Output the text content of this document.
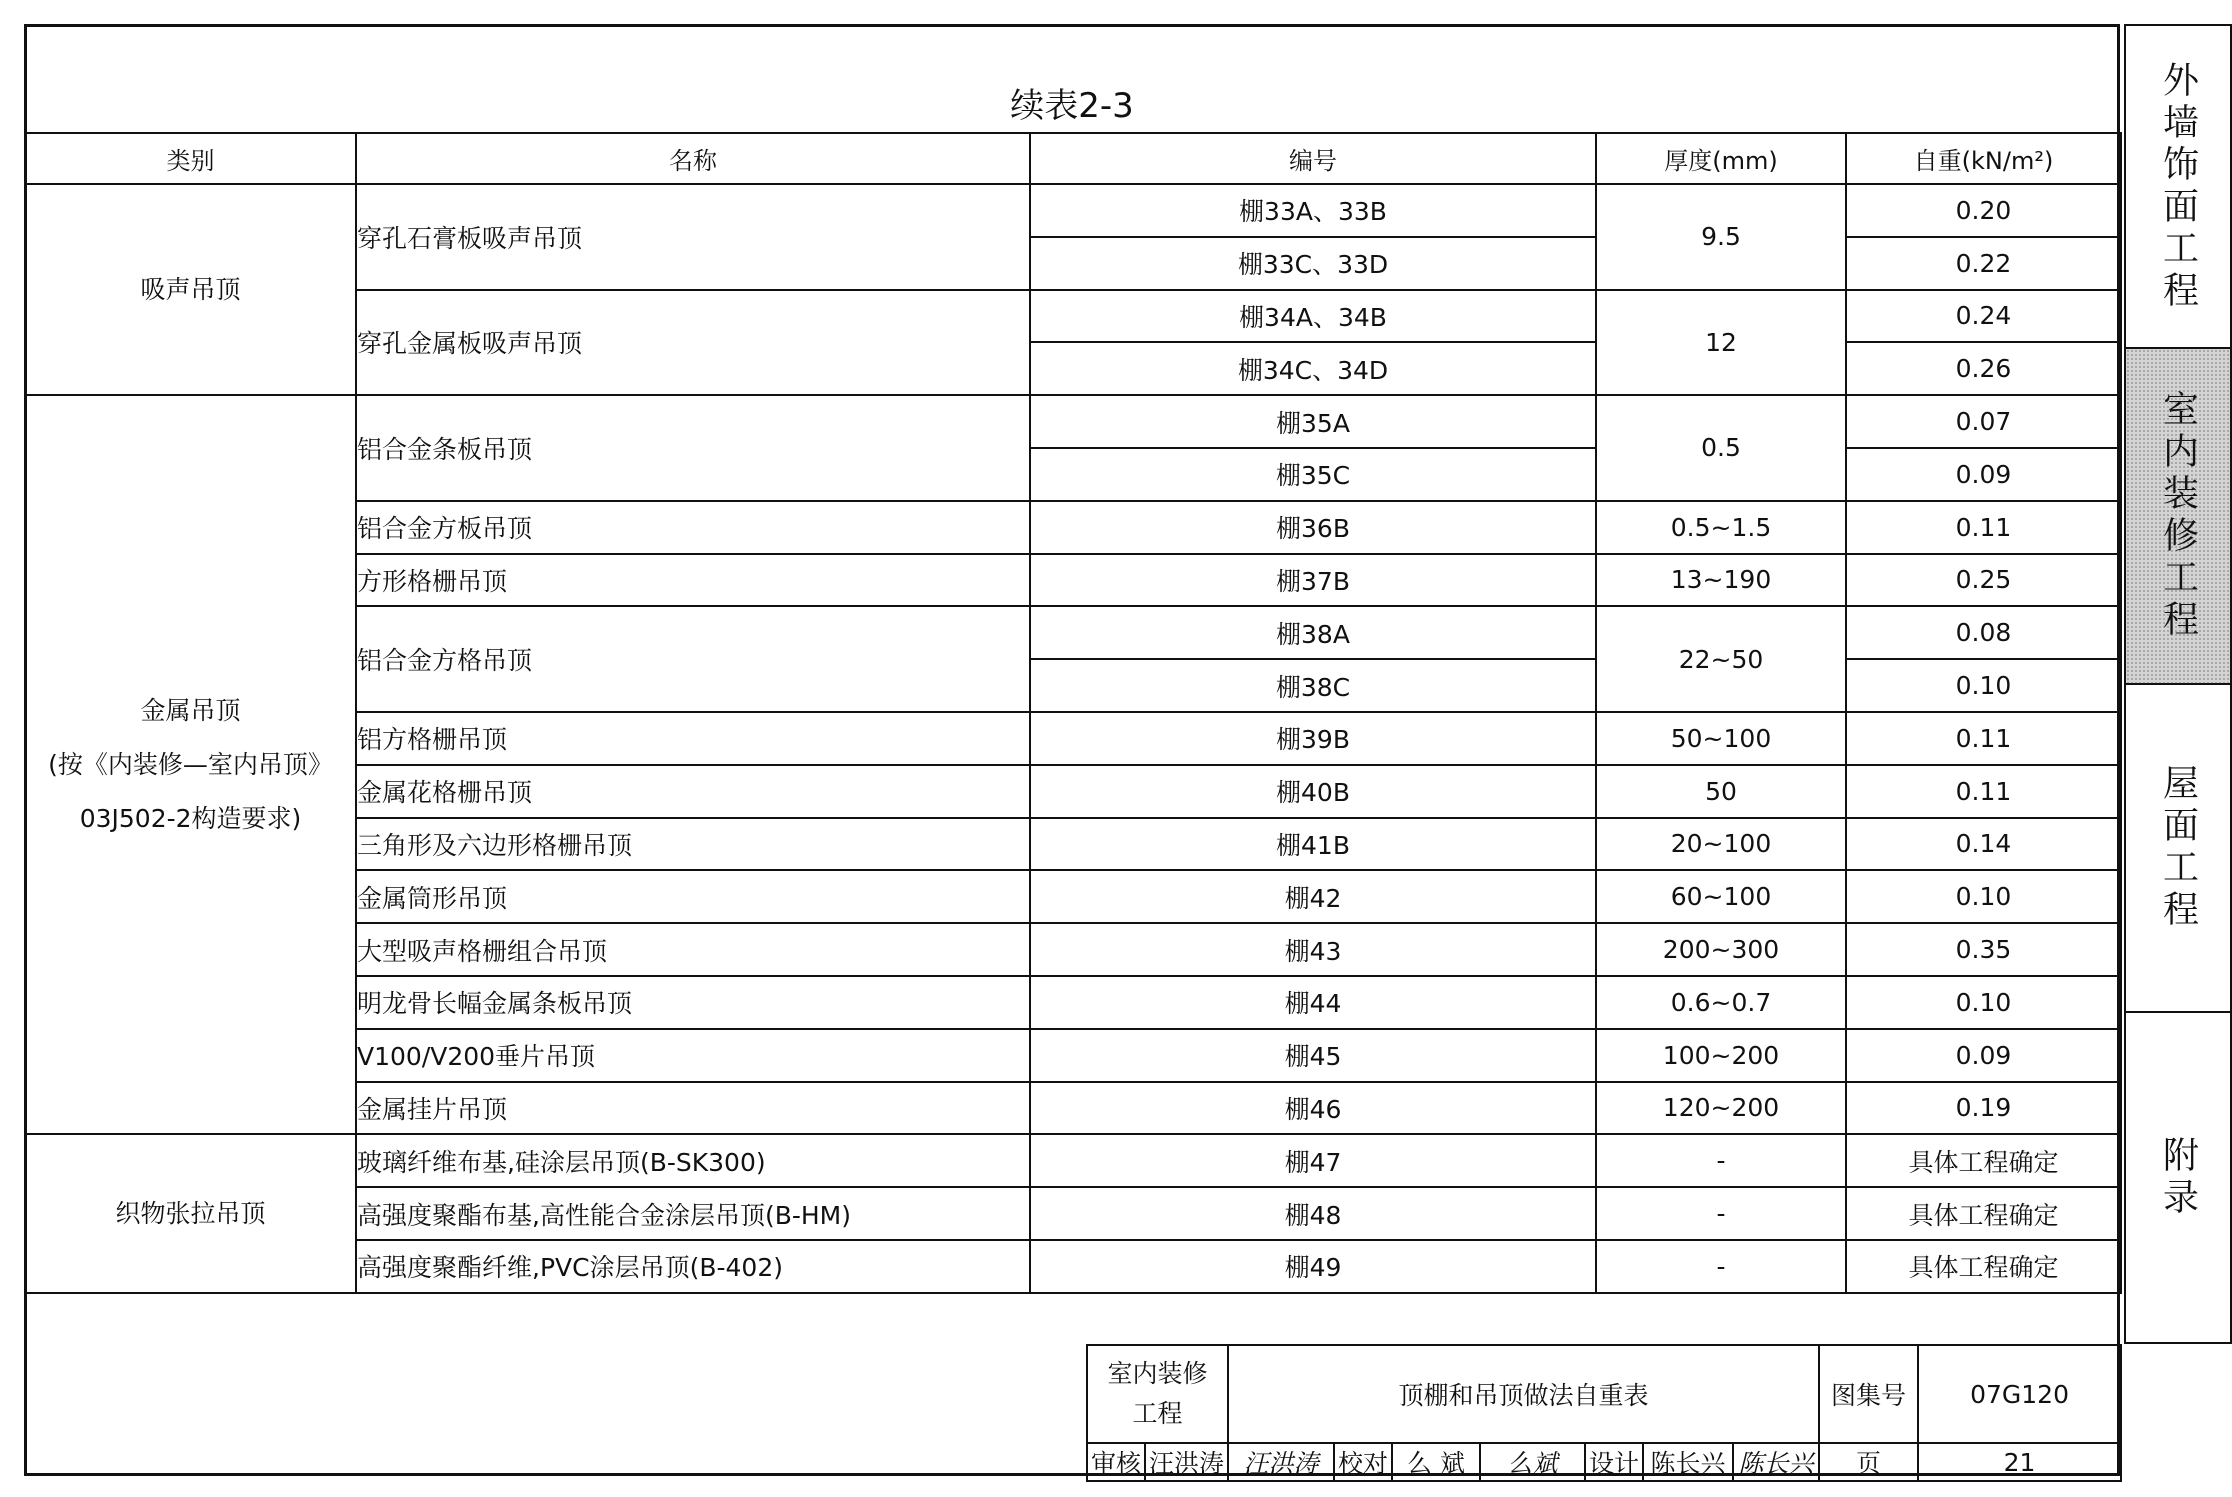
续表2-3
类别	名称	编号	厚度(mm)	自重(kN/m²)
吸声吊顶	穿孔石膏板吸声吊顶	棚33A、33B	9.5	0.20
		棚33C、33D		0.22
	穿孔金属板吸声吊顶	棚34A、34B	12	0.24
		棚34C、34D		0.26
金属吊顶
(按《内装修—室内吊顶》
03J502-2构造要求)	铝合金条板吊顶	棚35A	0.5	0.07
		棚35C		0.09
	铝合金方板吊顶	棚36B	0.5~1.5	0.11
	方形格栅吊顶	棚37B	13~190	0.25
	铝合金方格吊顶	棚38A	22~50	0.08
		棚38C		0.10
	铝方格栅吊顶	棚39B	50~100	0.11
	金属花格栅吊顶	棚40B	50	0.11
	三角形及六边形格栅吊顶	棚41B	20~100	0.14
	金属筒形吊顶	棚42	60~100	0.10
	大型吸声格栅组合吊顶	棚43	200~300	0.35
	明龙骨长幅金属条板吊顶	棚44	0.6~0.7	0.10
	V100/V200垂片吊顶	棚45	100~200	0.09
	金属挂片吊顶	棚46	120~200	0.19
织物张拉吊顶	玻璃纤维布基,硅涂层吊顶(B-SK300)	棚47	-	具体工程确定
	高强度聚酯布基,高性能合金涂层吊顶(B-HM)	棚48	-	具体工程确定
	高强度聚酯纤维,PVC涂层吊顶(B-402)	棚49	-	具体工程确定
外墙饰面工程
室内装修工程
屋面工程
附录
室内装修
工程		顶棚和吊顶做法自重表							图集号	07G120
审核	汪洪涛	汪洪涛	校对	么 斌	么斌	设计	陈长兴	陈长兴	页	21
